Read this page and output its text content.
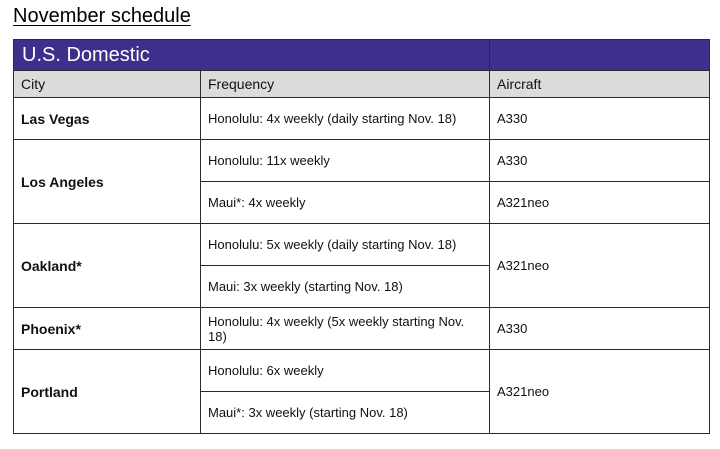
November schedule
U.S. Domestic		
City	Frequency	Aircraft
Las Vegas	Honolulu: 4x weekly (daily starting Nov. 18)	A330
Los Angeles	Honolulu: 11x weekly	A330
	Maui*: 4x weekly	A321neo
Oakland*	Honolulu: 5x weekly (daily starting Nov. 18)	A321neo
	Maui: 3x weekly (starting Nov. 18)	
Phoenix*	Honolulu: 4x weekly (5x weekly starting Nov. 18)	A330
Portland	Honolulu: 6x weekly	A321neo
	Maui*: 3x weekly (starting Nov. 18)	
